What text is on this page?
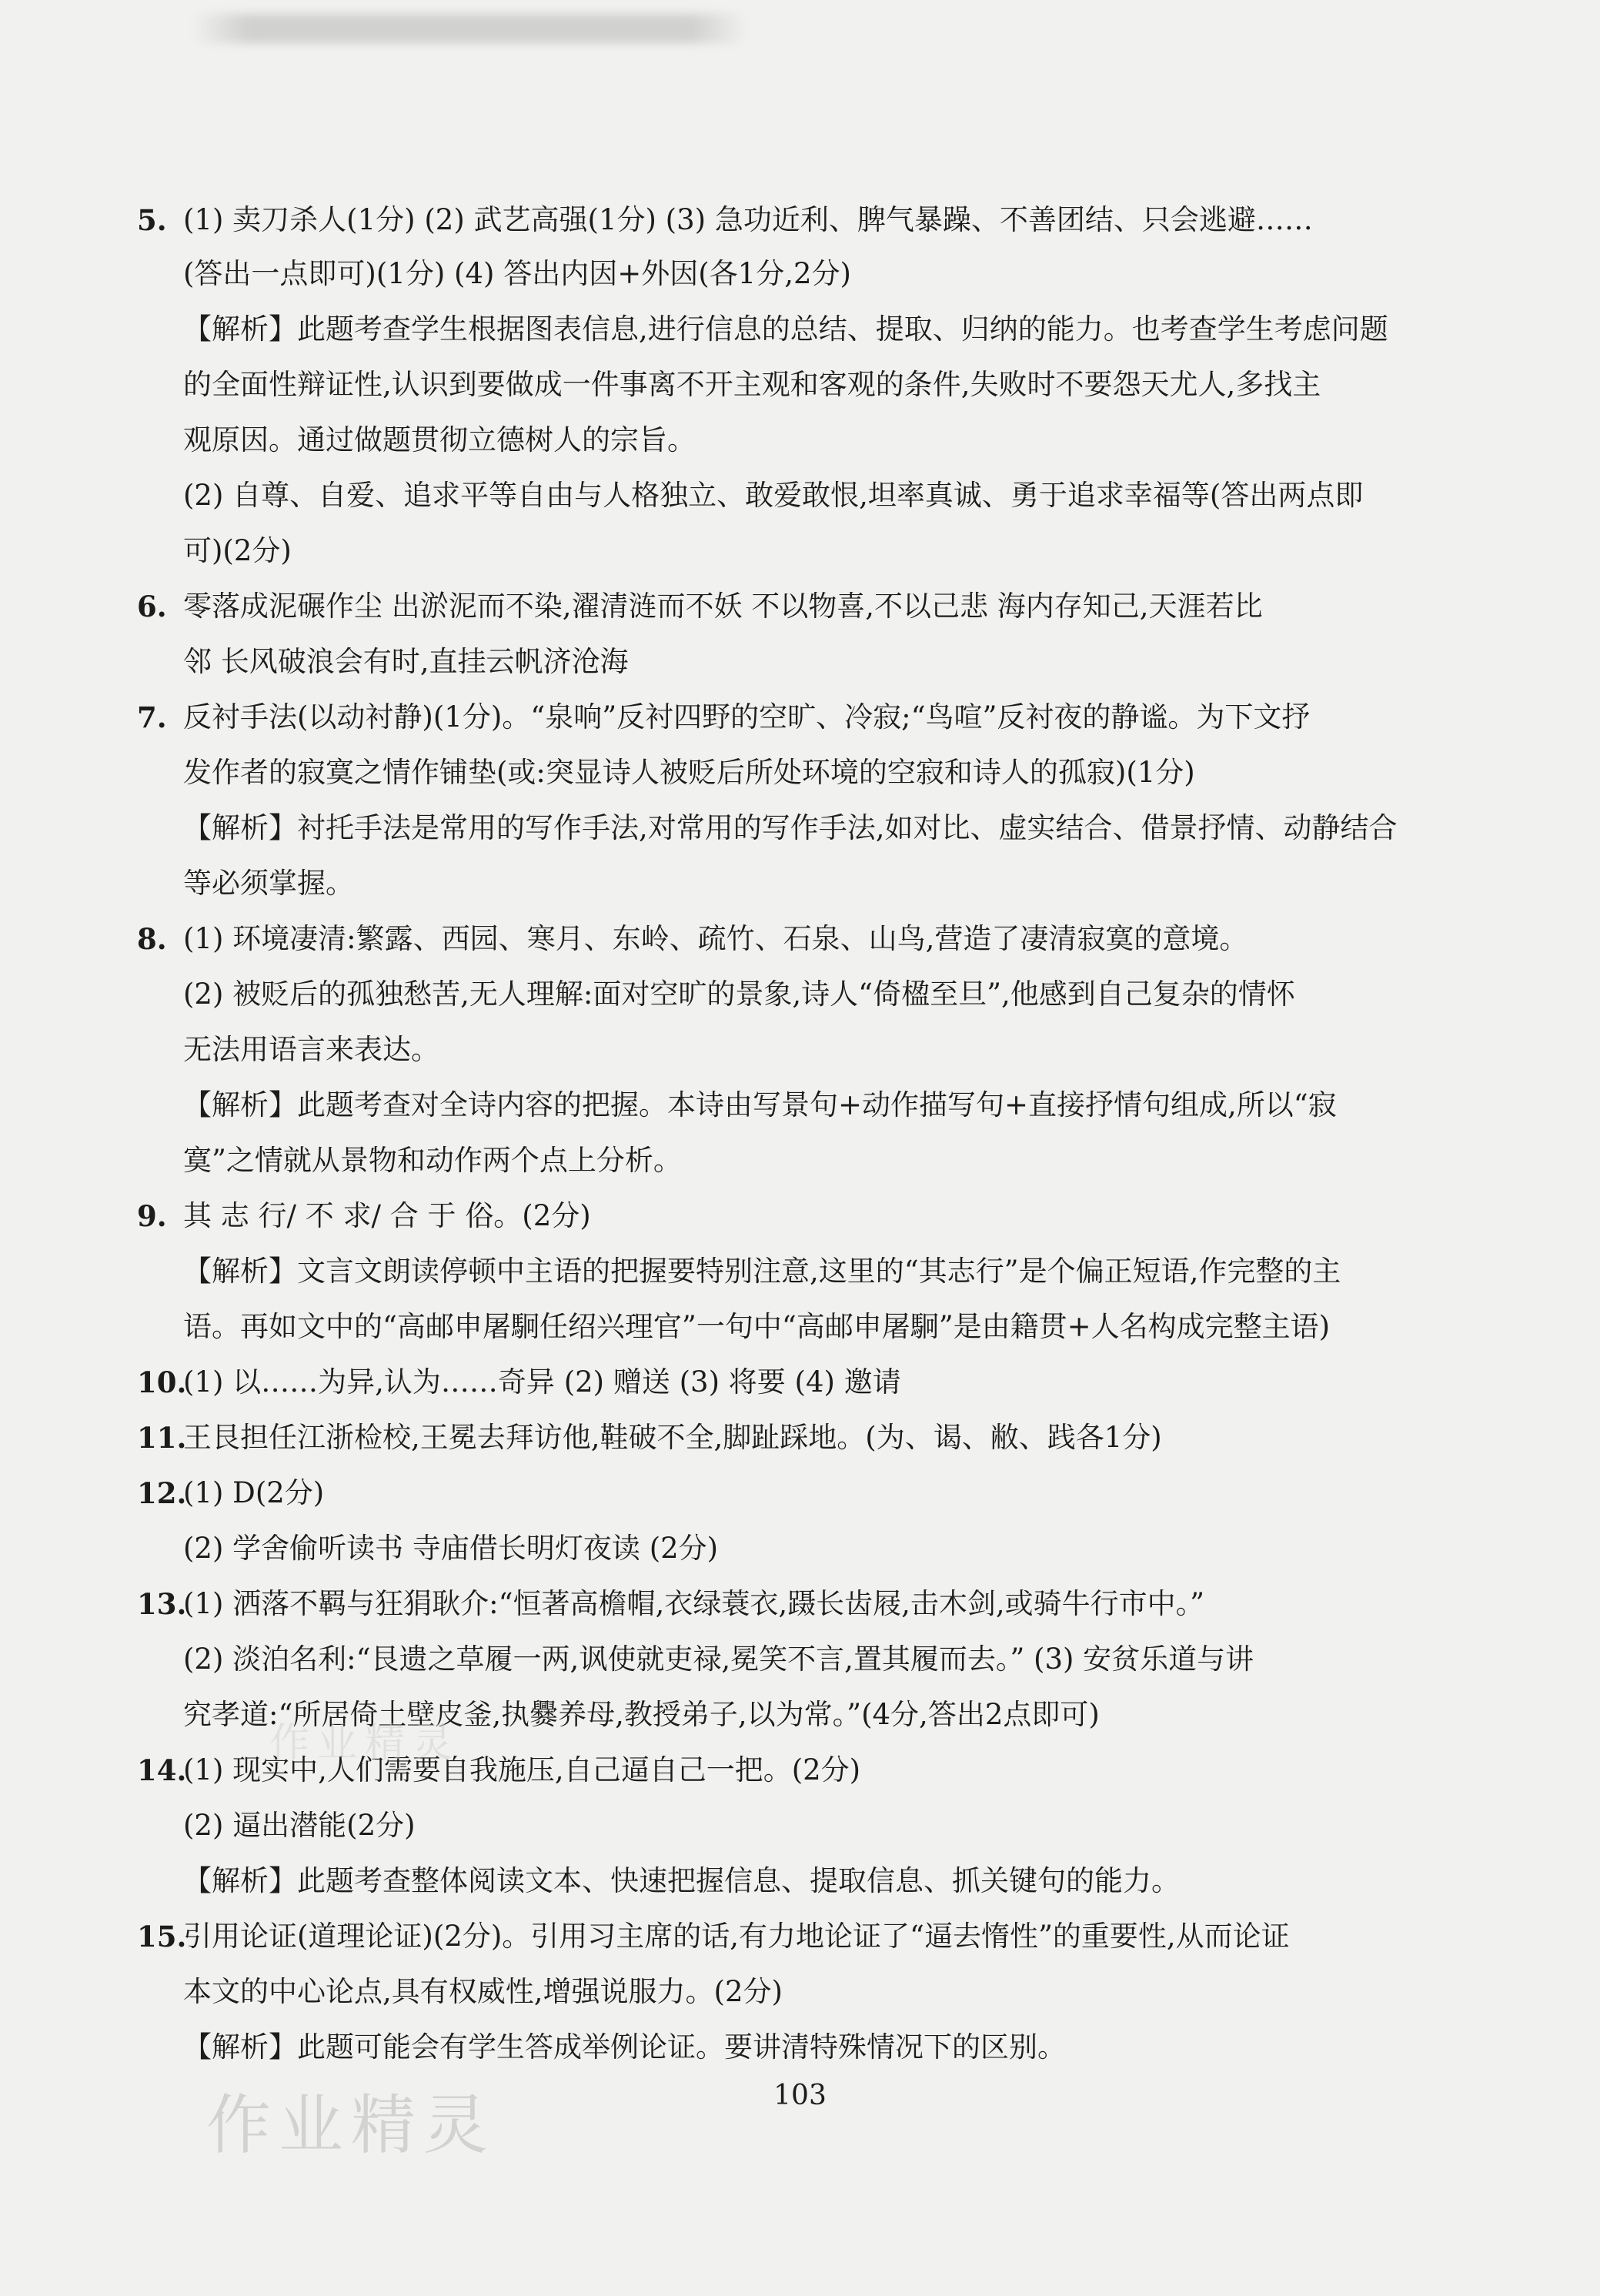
5. (1) 卖刀杀人(1分) (2) 武艺高强(1分) (3) 急功近利、脾气暴躁、不善团结、只会逃避……
(答出一点即可)(1分) (4) 答出内因+外因(各1分,2分)
【解析】此题考查学生根据图表信息,进行信息的总结、提取、归纳的能力。也考查学生考虑问题
的全面性辩证性,认识到要做成一件事离不开主观和客观的条件,失败时不要怨天尤人,多找主
观原因。通过做题贯彻立德树人的宗旨。
(2) 自尊、自爱、追求平等自由与人格独立、敢爱敢恨,坦率真诚、勇于追求幸福等(答出两点即
可)(2分)
6. 零落成泥碾作尘 出淤泥而不染,濯清涟而不妖 不以物喜,不以己悲 海内存知己,天涯若比
邻 长风破浪会有时,直挂云帆济沧海
7. 反衬手法(以动衬静)(1分)。“泉响”反衬四野的空旷、冷寂;“鸟喧”反衬夜的静谧。为下文抒
发作者的寂寞之情作铺垫(或:突显诗人被贬后所处环境的空寂和诗人的孤寂)(1分)
【解析】衬托手法是常用的写作手法,对常用的写作手法,如对比、虚实结合、借景抒情、动静结合
等必须掌握。
8. (1) 环境凄清:繁露、西园、寒月、东岭、疏竹、石泉、山鸟,营造了凄清寂寞的意境。
(2) 被贬后的孤独愁苦,无人理解:面对空旷的景象,诗人“倚楹至旦”,他感到自己复杂的情怀
无法用语言来表达。
【解析】此题考查对全诗内容的把握。本诗由写景句+动作描写句+直接抒情句组成,所以“寂
寞”之情就从景物和动作两个点上分析。
9. 其 志 行/ 不 求/ 合 于 俗。(2分)
【解析】文言文朗读停顿中主语的把握要特别注意,这里的“其志行”是个偏正短语,作完整的主
语。再如文中的“高邮申屠駉任绍兴理官”一句中“高邮申屠駉”是由籍贯+人名构成完整主语)
10.
(1) 以……为异,认为……奇异 (2) 赠送 (3) 将要 (4) 邀请
11.
王艮担任江浙检校,王冕去拜访他,鞋破不全,脚趾踩地。(为、谒、敝、践各1分)
12.
(1) D(2分)
(2) 学舍偷听读书 寺庙借长明灯夜读 (2分)
13.
(1) 洒落不羁与狂狷耿介:“恒著高檐帽,衣绿蓑衣,蹑长齿屐,击木剑,或骑牛行市中。”
(2) 淡泊名利:“艮遗之草履一两,讽使就吏禄,冕笑不言,置其履而去。” (3) 安贫乐道与讲
究孝道:“所居倚土壁皮釜,执爨养母,教授弟子,以为常。”(4分,答出2点即可)
14.
(1) 现实中,人们需要自我施压,自己逼自己一把。(2分)
(2) 逼出潜能(2分)
【解析】此题考查整体阅读文本、快速把握信息、提取信息、抓关键句的能力。
15.
引用论证(道理论证)(2分)。引用习主席的话,有力地论证了“逼去惰性”的重要性,从而论证
本文的中心论点,具有权威性,增强说服力。(2分)
【解析】此题可能会有学生答成举例论证。要讲清特殊情况下的区别。
103
作业精灵
作业精灵
